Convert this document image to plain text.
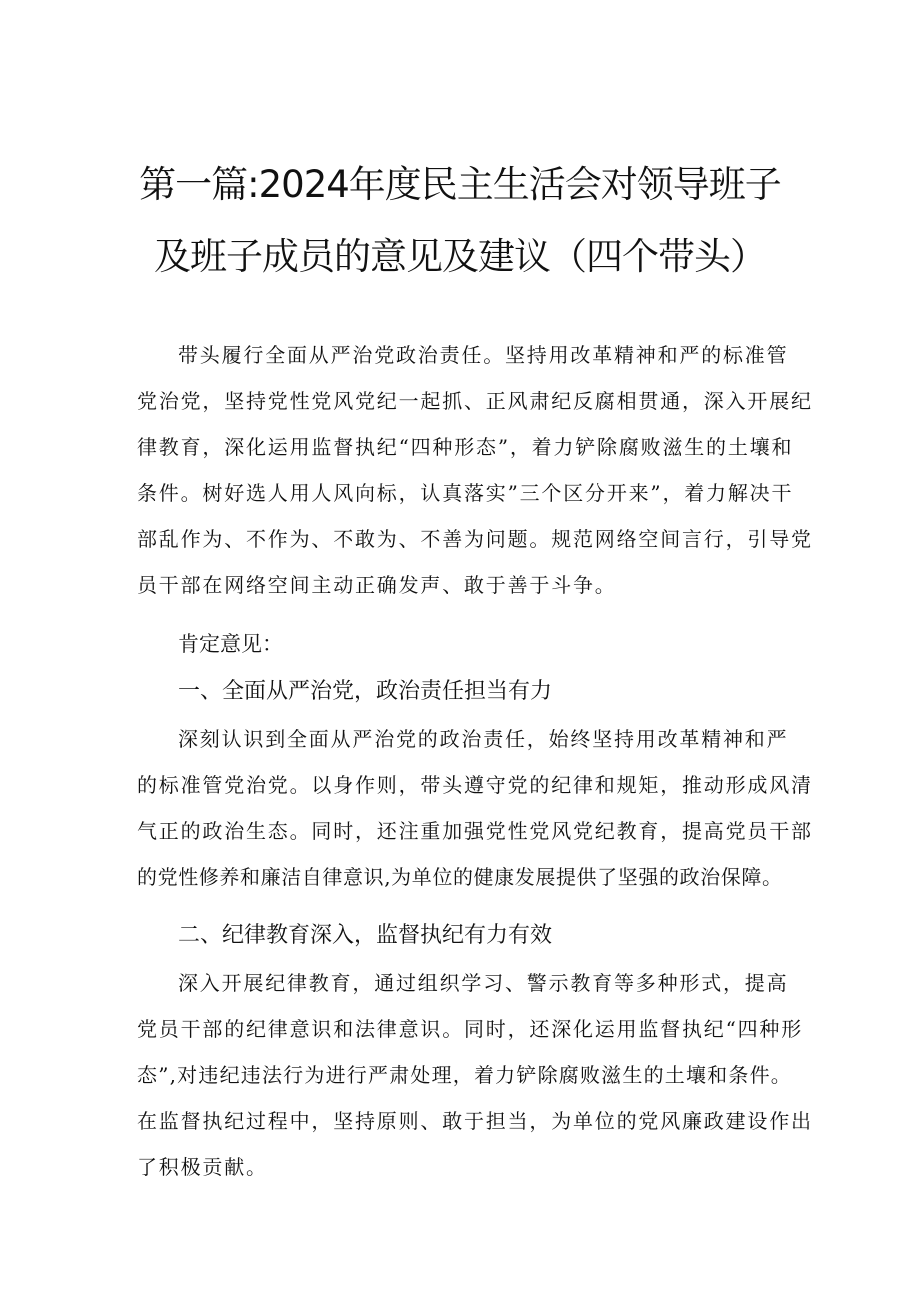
第一篇:2024年度民主生活会对领导班子
及班子成员的意见及建议（四个带头）
带头履行全面从严治党政治责任。坚持用改革精神和严的标准管
党治党，坚持党性党风党纪一起抓、正风肃纪反腐相贯通，深入开展纪
律教育，深化运用监督执纪“四种形态”，着力铲除腐败滋生的土壤和
条件。树好选人用人风向标，认真落实”三个区分开来”，着力解决干
部乱作为、不作为、不敢为、不善为问题。规范网络空间言行，引导党
员干部在网络空间主动正确发声、敢于善于斗争。
肯定意见：
一、全面从严治党，政治责任担当有力
深刻认识到全面从严治党的政治责任，始终坚持用改革精神和严
的标准管党治党。以身作则，带头遵守党的纪律和规矩，推动形成风清
气正的政治生态。同时，还注重加强党性党风党纪教育，提高党员干部
的党性修养和廉洁自律意识,为单位的健康发展提供了坚强的政治保障。
二、纪律教育深入，监督执纪有力有效
深入开展纪律教育，通过组织学习、警示教育等多种形式，提高
党员干部的纪律意识和法律意识。同时，还深化运用监督执纪“四种形
态”,对违纪违法行为进行严肃处理，着力铲除腐败滋生的土壤和条件。
在监督执纪过程中，坚持原则、敢于担当，为单位的党风廉政建设作出
了积极贡献。
